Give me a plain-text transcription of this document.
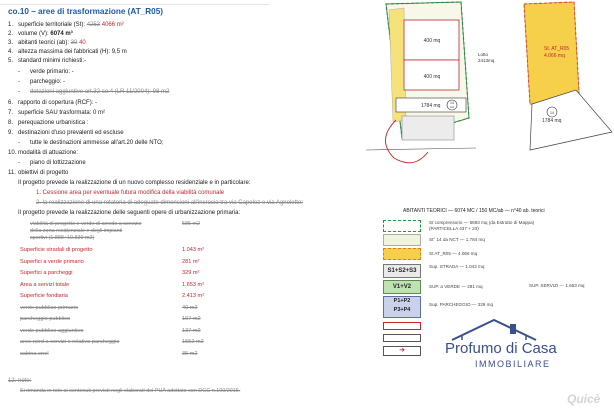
co.10 – aree di trasformazione (AT_R05)
1. superficie territoriale (St): 4253 4066 m²
2. volume (V): 6074 m³
3. abitanti teorici (ab): 30 40
4. altezza massima dei fabbricati (H): 9,5 m
5. standard minimi richiesti:-
- verde primario: -
- parcheggio: -
- dotazioni aggiuntive art.32 co.4 (LR 11/2004): 98 m2
6. rapporto di copertura (RCF): -
7. superficie SAU trasformata: 0 m²
8. perequazione urbanistica :
9. destinazioni d'uso prevalenti ed escluse
- tutte le destinazioni ammesse all'art.20 delle NTO;
10. modalità di attuazione:
- piano di lottizzazione
11. obiettivi di progetto
Il progetto prevede la realizzazione di un nuovo complesso residenziale e in particolare:
1. Cessione area per eventuale futura modifica della viabilità comunale
2. la realizzazione di una rotatoria di adeguate dimensioni all'incrocio tra via Capelez e via Agnoletto;
Il progetto prevede la realizzazione delle seguenti opere di urbanizzazione primaria:
viabilità di progetto e verde di arredo a servizio	585 m2
della zona residenziale e degli impianti
sportivi (1.888+10.830 m2)
Superficie stradali di progetto	1.043 m²
Superfici a verde primario	281 m²
Superfici a parcheggi	329 m²
Area a servizi totale	1.653 m²
Superficie fondiaria	2.413 m²
verde pubblico primario	49 m2
parcheggio pubblico	107 m2
verde pubblico aggiuntivo	137 m2
aree nord a servizi e relativo parcheggio	1552 m2
cabina enel	35 m2
12. note:
Si rimanda in toto ai contenuti previsti negli elaborati del PUA adottato con DGC n.100/2015.
400 mq
400 mq
Lotto
2413mq
1784 mq	14
4.6
St. AT_R05
4.066 mq
14
1784 mq
ABITANTI TEORICI — 6074 MC / 150 MC/ab — n°40 ab. teorici
St comprensorio — 5893 mq (da Estratto di Mappa)
(PARTICELLA 437 + 23)
St° 14 da NCT — 1.784 mq
St AT_R05 — 4.066 mq
S1+S2+S3
Sup. STRADA — 1.043 mq
SUP. SERVIZI — 1.653 mq
V1+V2	SUP. a VERDE — 281 mq
P1+P2
P3+P4
Sup. PARCHEGGIO — 329 mq
➜	Profumo di Casa
IMMOBILIARE
Quicè
